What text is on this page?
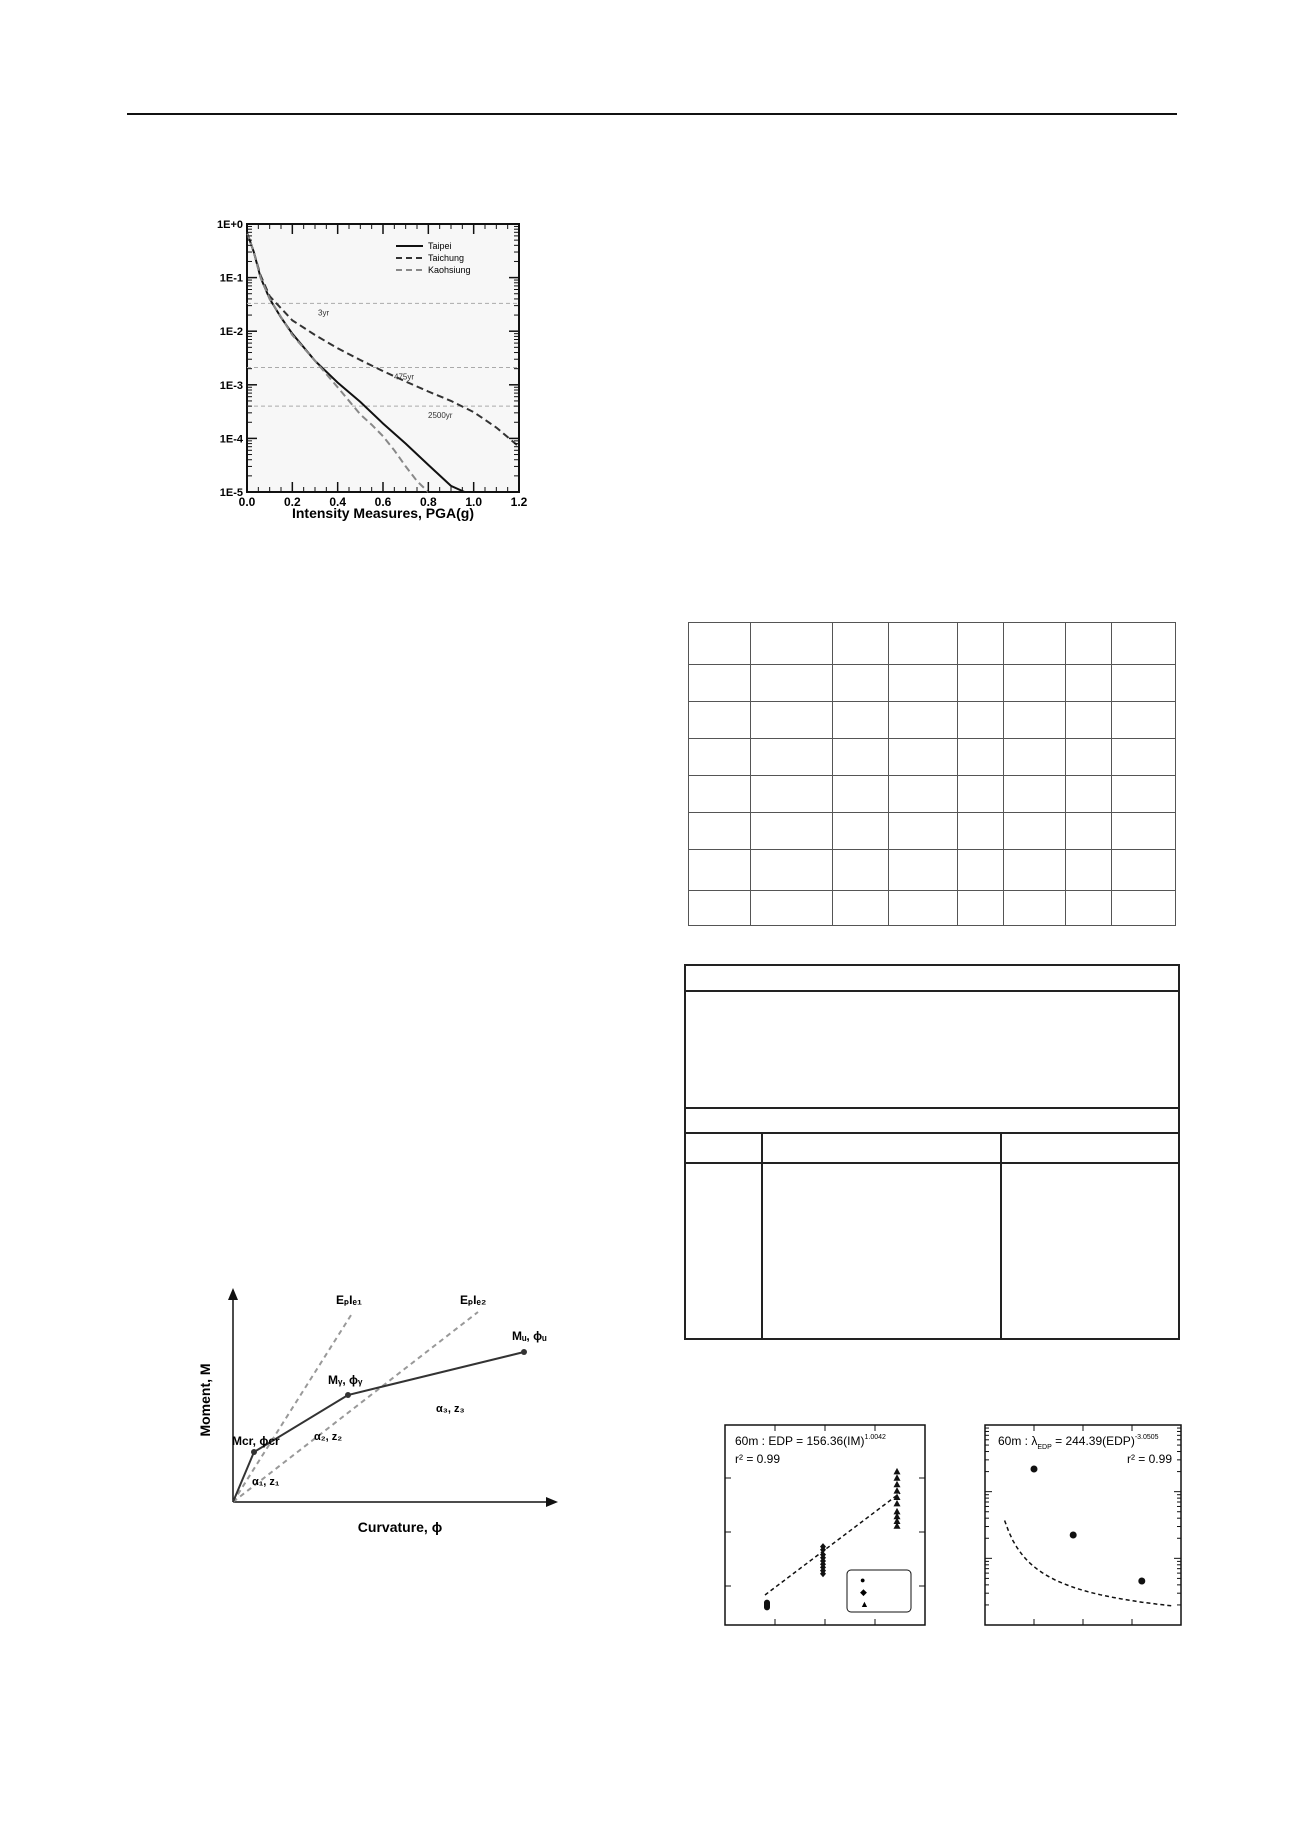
3yr
475yr
2500yr
1E+0
1E-1
1E-2
1E-3
1E-4
1E-5
0.0 0.2 0.4 0.6 0.8 1.0 1.2
Taipei
Taichung
Kaohsiung
Intensity Measures, PGA(g)
EₚIₑ₁	EₚIₑ₂
Mᵤ, ϕᵤ
Mᵧ, ϕᵧ
Mcr, ϕcr
α₁, z₁
α₂, z₂
α₃, z₃
Moment, M
Curvature, ϕ

60m : EDP = 156.36(IM)$^{1.0042}$
r² = 0.99
●
◆
▲
60m : $\lambda_{EDP} = 244.39(EDP)^{-3.0505}$
r² = 0.99
